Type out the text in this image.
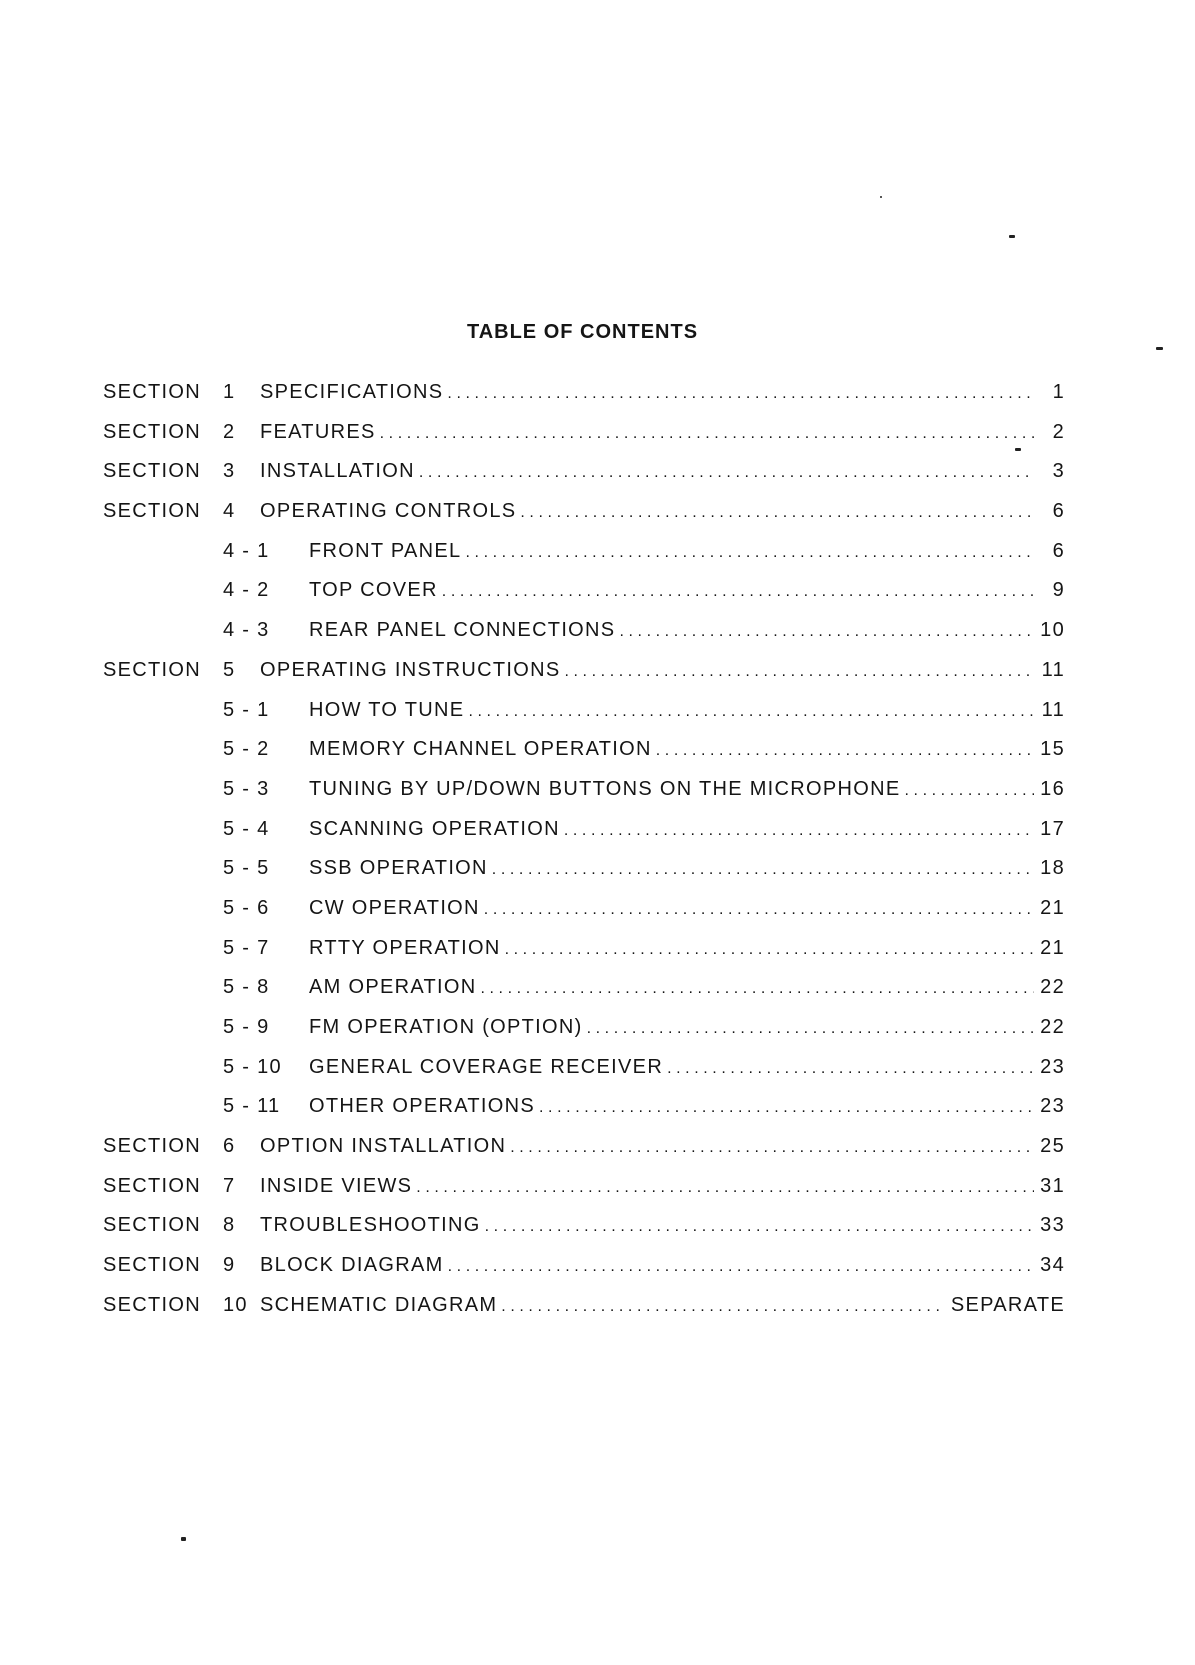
TABLE OF CONTENTS
SECTION 1 SPECIFICATIONS .....	1
SECTION 2 FEATURES .....	2
SECTION 3 INSTALLATION .....	3
SECTION 4 OPERATING CONTROLS .....	6
4 - 1 FRONT PANEL .....	6
4 - 2 TOP COVER .....	9
4 - 3 REAR PANEL CONNECTIONS .....	10
SECTION 5 OPERATING INSTRUCTIONS .....	11
5 - 1 HOW TO TUNE .....	11
5 - 2 MEMORY CHANNEL OPERATION .....	15
5 - 3 TUNING BY UP/DOWN BUTTONS ON THE MICROPHONE .....	16
5 - 4 SCANNING OPERATION .....	17
5 - 5 SSB OPERATION .....	18
5 - 6 CW OPERATION .....	21
5 - 7 RTTY OPERATION .....	21
5 - 8 AM OPERATION .....	22
5 - 9 FM OPERATION (OPTION) .....	22
5 - 10 GENERAL COVERAGE RECEIVER .....	23
5 - 11 OTHER OPERATIONS .....	23
SECTION 6 OPTION INSTALLATION .....	25
SECTION 7 INSIDE VIEWS .....	31
SECTION 8 TROUBLESHOOTING .....	33
SECTION 9 BLOCK DIAGRAM .....	34
SECTION 10 SCHEMATIC DIAGRAM .....	SEPARATE
